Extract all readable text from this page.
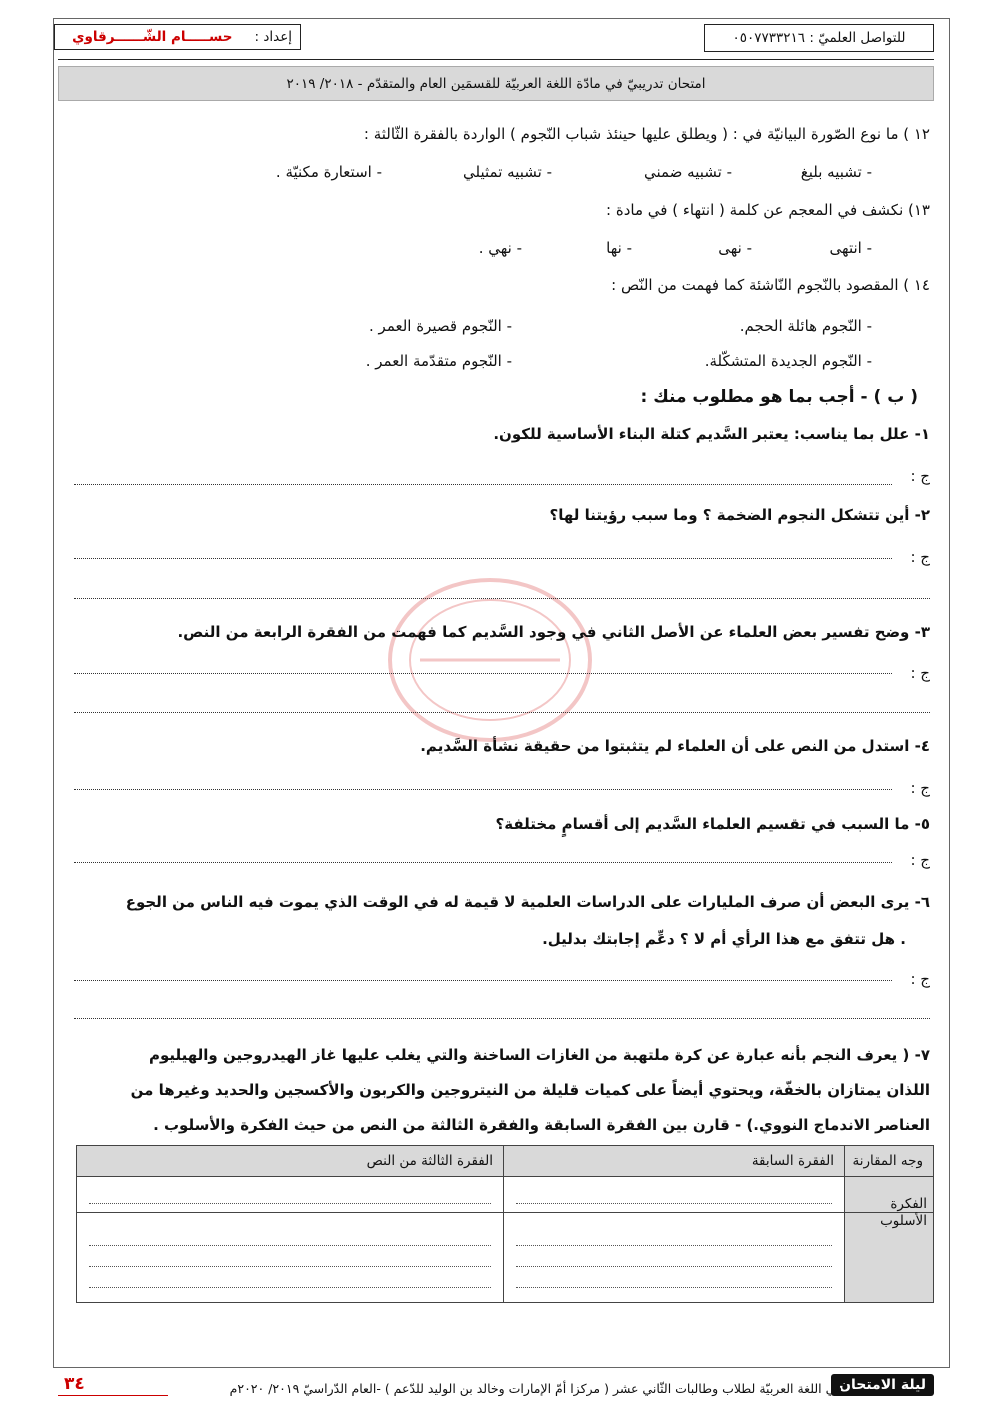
للتواصل العلميّ : ٠٥٠٧٧٣٣٢١٦
إعداد :
حســـــام الشّــــــرقاوي
امتحان تدريبيّ في مادّة اللغة العربيّة للقسمَين العام والمتقدّم - ٢٠١٨/ ٢٠١٩
١٢ ) ما نوع الصّورة البيانيّة في : ( ويطلق عليها حينئذ شباب النّجوم ) الواردة بالفقرة الثّالثة :
- تشبيه بليغ
- تشبيه ضمني
- تشبيه تمثيلي
- استعارة مكنيّة .
١٣) نكشف في المعجم عن كلمة ( انتهاء ) في مادة :
- انتهى
- نهى
- نها
- نهي .
١٤ ) المقصود بالنّجوم النّاشئة كما فهمت من النّص :
- النّجوم هائلة الحجم.
- النّجوم قصيرة العمر .
- النّجوم الجديدة المتشكّلة.
- النّجوم متقدّمة العمر .
( ب ) - أجب بما هو مطلوب منك :
١- علل بما يناسب: يعتبر السَّديم كتلة البناء الأساسية للكون.
ج :
٢- أين تتشكل النجوم الضخمة ؟ وما سبب رؤيتنا لها؟
ج :
٣- وضح تفسير بعض العلماء عن الأصل الثاني في وجود السَّديم كما فهمت من الفقرة الرابعة من النص.
ج :
٤- استدل من النص على أن العلماء لم يتثبتوا من حقيقة نشأة السَّديم.
ج :
٥- ما السبب في تقسيم العلماء السَّديم إلى أقسامٍ مختلفة؟
ج :
٦- يرى البعض أن صرف المليارات على الدراسات العلمية لا قيمة له في الوقت الذي يموت فيه الناس من الجوع
. هل تتفق مع هذا الرأي أم لا ؟ دعِّم إجابتك بدليل.
ج :
٧- ( يعرف النجم بأنه عبارة عن كرة ملتهبة من الغازات الساخنة والتي يغلب عليها غاز الهيدروجين والهيليوم
اللذان يمتازان بالخفّة، ويحتوي أيضاً على كميات قليلة من النيتروجين والكربون والأكسجين والحديد وغيرها من
العناصر الاندماج النووي.) - قارن بين الفقرة السابقة والفقرة الثالثة من النص من حيث الفكرة والأسلوب .
وجه المقارنة	الفقرة السابقة	الفقرة الثالثة من النص
الفكرة	

الأسلوب	

ليلة الامتحان
في اللغة العربيّة لطلاب وطالبات الثّاني عشر ( مركزا أمّ الإمارات وخالد بن الوليد للدّعم ) -العام الدّراسيّ ٢٠١٩/ ٢٠٢٠م
٣٤
